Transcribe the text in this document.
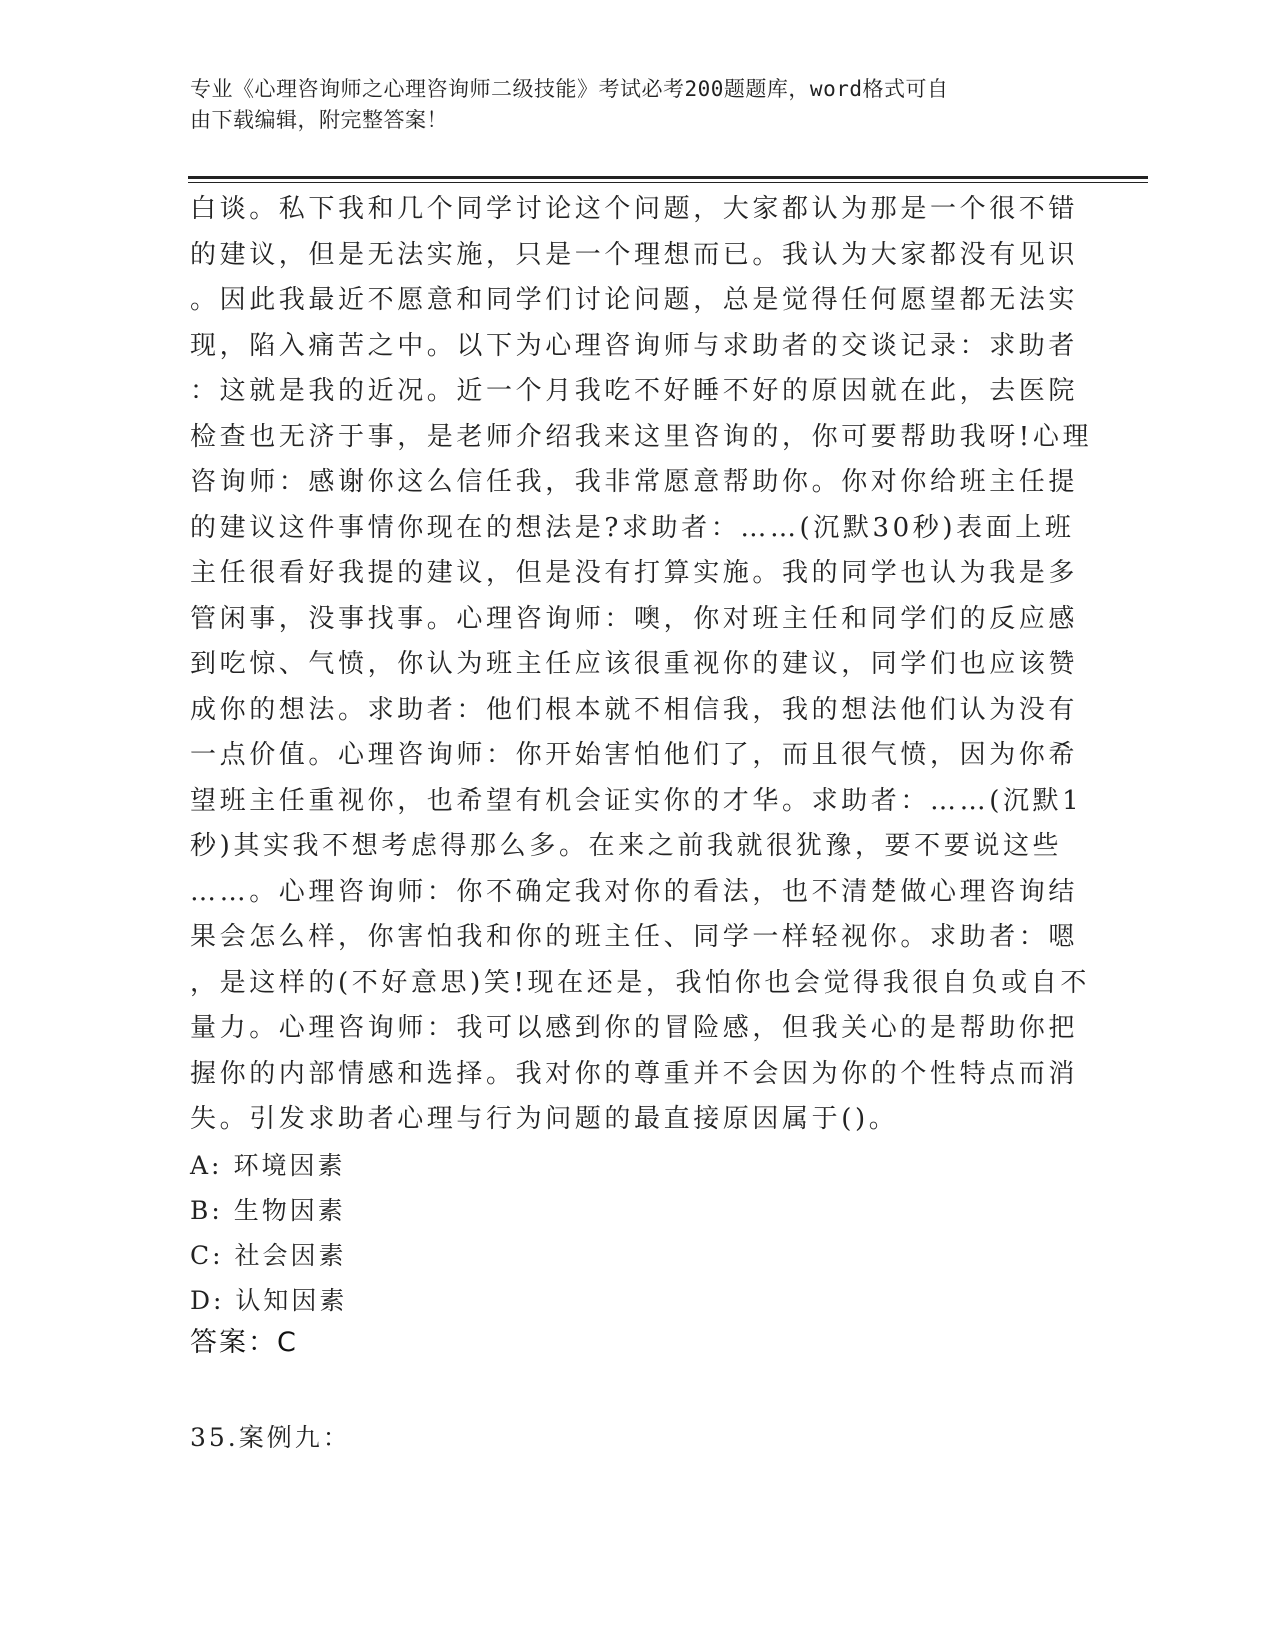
专业《心理咨询师之心理咨询师二级技能》考试必考200题题库，word格式可自
由下载编辑，附完整答案！
白谈。私下我和几个同学讨论这个问题，大家都认为那是一个很不错
的建议，但是无法实施，只是一个理想而已。我认为大家都没有见识
。因此我最近不愿意和同学们讨论问题，总是觉得任何愿望都无法实
现，陷入痛苦之中。以下为心理咨询师与求助者的交谈记录：求助者
：这就是我的近况。近一个月我吃不好睡不好的原因就在此，去医院
检查也无济于事，是老师介绍我来这里咨询的，你可要帮助我呀!心理
咨询师：感谢你这么信任我，我非常愿意帮助你。你对你给班主任提
的建议这件事情你现在的想法是?求助者：……(沉默30秒)表面上班
主任很看好我提的建议，但是没有打算实施。我的同学也认为我是多
管闲事，没事找事。心理咨询师：噢，你对班主任和同学们的反应感
到吃惊、气愤，你认为班主任应该很重视你的建议，同学们也应该赞
成你的想法。求助者：他们根本就不相信我，我的想法他们认为没有
一点价值。心理咨询师：你开始害怕他们了，而且很气愤，因为你希
望班主任重视你，也希望有机会证实你的才华。求助者：……(沉默1
秒)其实我不想考虑得那么多。在来之前我就很犹豫，要不要说这些
……。心理咨询师：你不确定我对你的看法，也不清楚做心理咨询结
果会怎么样，你害怕我和你的班主任、同学一样轻视你。求助者：嗯
，是这样的(不好意思)笑!现在还是，我怕你也会觉得我很自负或自不
量力。心理咨询师：我可以感到你的冒险感，但我关心的是帮助你把
握你的内部情感和选择。我对你的尊重并不会因为你的个性特点而消
失。引发求助者心理与行为问题的最直接原因属于()。
A: 环境因素
B: 生物因素
C: 社会因素
D: 认知因素
答案：C
35.案例九：
